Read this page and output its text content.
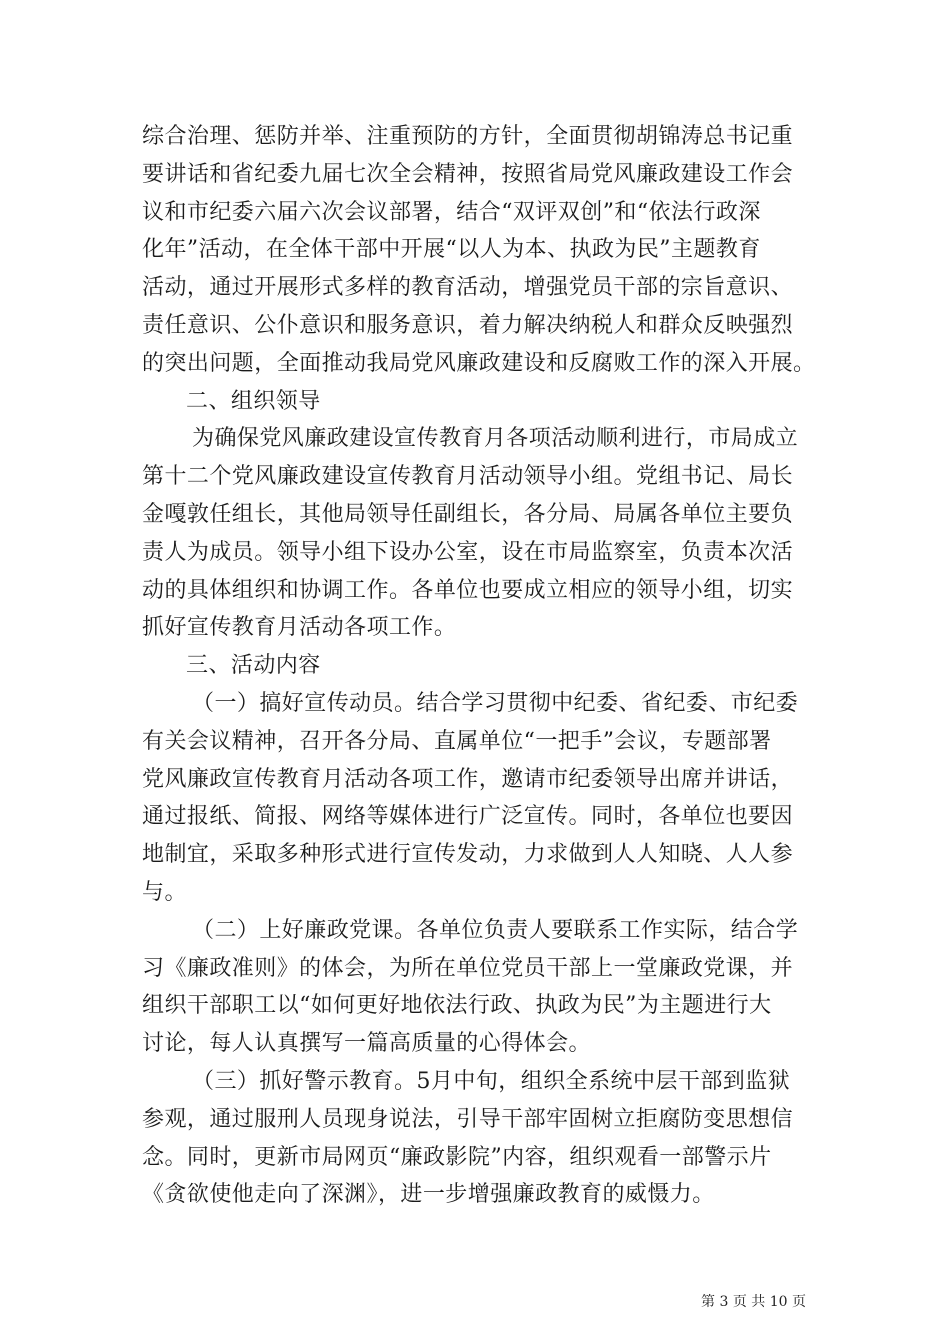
综合治理、惩防并举、注重预防的方针，全面贯彻胡锦涛总书记重
要讲话和省纪委九届七次全会精神，按照省局党风廉政建设工作会
议和市纪委六届六次会议部署，结合“双评双创”和“依法行政深
化年”活动，在全体干部中开展“以人为本、执政为民”主题教育
活动，通过开展形式多样的教育活动，增强党员干部的宗旨意识、
责任意识、公仆意识和服务意识，着力解决纳税人和群众反映强烈
的突出问题，全面推动我局党风廉政建设和反腐败工作的深入开展。
二、组织领导
为确保党风廉政建设宣传教育月各项活动顺利进行，市局成立
第十二个党风廉政建设宣传教育月活动领导小组。党组书记、局长
金嘎敦任组长，其他局领导任副组长，各分局、局属各单位主要负
责人为成员。领导小组下设办公室，设在市局监察室，负责本次活
动的具体组织和协调工作。各单位也要成立相应的领导小组，切实
抓好宣传教育月活动各项工作。
三、活动内容
（一）搞好宣传动员。结合学习贯彻中纪委、省纪委、市纪委
有关会议精神，召开各分局、直属单位“一把手”会议，专题部署
党风廉政宣传教育月活动各项工作，邀请市纪委领导出席并讲话，
通过报纸、简报、网络等媒体进行广泛宣传。同时，各单位也要因
地制宜，采取多种形式进行宣传发动，力求做到人人知晓、人人参
与。
（二）上好廉政党课。各单位负责人要联系工作实际，结合学
习《廉政准则》的体会，为所在单位党员干部上一堂廉政党课，并
组织干部职工以“如何更好地依法行政、执政为民”为主题进行大
讨论，每人认真撰写一篇高质量的心得体会。
（三）抓好警示教育。5月中旬，组织全系统中层干部到监狱
参观，通过服刑人员现身说法，引导干部牢固树立拒腐防变思想信
念。同时，更新市局网页“廉政影院”内容，组织观看一部警示片
《贪欲使他走向了深渊》，进一步增强廉政教育的威慑力。
第 3 页 共 10 页
